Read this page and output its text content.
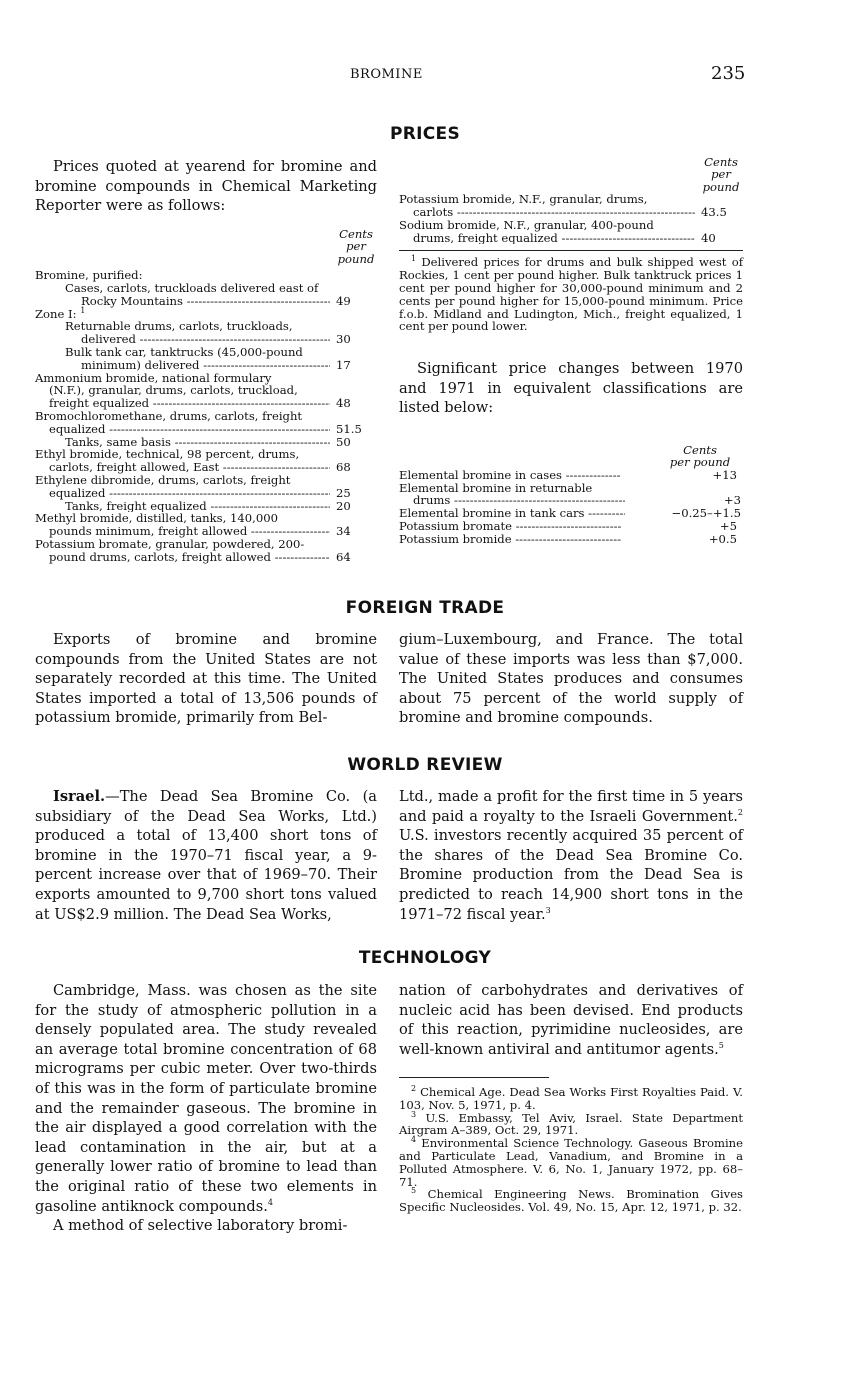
BROMINE	235
PRICES

Prices quoted at yearend for bromine and bromine compounds in Chemical Marketing Reporter were as follows:

Cents
per
pound
Bromine, purified:
Cases, carlots, truckloads delivered east of
Rocky Mountains -----	49
Zone I: $^1$
Returnable drums, carlots, truckloads,
delivered -----	30
Bulk tank car, tanktrucks (45,000-pound
minimum) delivered -----	17
Ammonium bromide, national formulary
(N.F.), granular, drums, carlots, truckload,
freight equalized -----	48
Bromochloromethane, drums, carlots, freight
equalized -----	51.5
Tanks, same basis -----	50
Ethyl bromide, technical, 98 percent, drums,
carlots, freight allowed, East -----	68
Ethylene dibromide, drums, carlots, freight
equalized -----	25
Tanks, freight equalized -----	20
Methyl bromide, distilled, tanks, 140,000
pounds minimum, freight allowed -----	34
Potassium bromate, granular, powdered, 200-
pound drums, carlots, freight allowed -----	64
Cents
per
pound
Potassium bromide, N.F., granular, drums,
carlots -----	43.5
Sodium bromide, N.F., granular, 400-pound
drums, freight equalized -----	40

$^1$ Delivered prices for drums and bulk shipped west of Rockies, 1 cent per pound higher. Bulk tanktruck prices 1 cent per pound higher for 30,000-pound minimum and 2 cents per pound higher for 15,000-pound minimum. Price f.o.b. Midland and Ludington, Mich., freight equalized, 1 cent per pound lower.

Significant price changes between 1970 and 1971 in equivalent classifications are listed below:

Cents
per pound
Elemental bromine in cases -----	+13
Elemental bromine in returnable
drums -----	+3
Elemental bromine in tank cars -----	−0.25–+1.5
Potassium bromate -----	+5
Potassium bromide -----	+0.5
FOREIGN TRADE

Exports of bromine and bromine compounds from the United States are not separately recorded at this time. The United States imported a total of 13,506 pounds of potassium bromide, primarily from Bel-

gium–Luxembourg, and France. The total value of these imports was less than $7,000. The United States produces and consumes about 75 percent of the world supply of bromine and bromine compounds.

WORLD REVIEW

Israel.—The Dead Sea Bromine Co. (a subsidiary of the Dead Sea Works, Ltd.) produced a total of 13,400 short tons of bromine in the 1970–71 fiscal year, a 9-percent increase over that of 1969–70. Their exports amounted to 9,700 short tons valued at US$2.9 million. The Dead Sea Works,

Ltd., made a profit for the first time in 5 years and paid a royalty to the Israeli Government.$^2$ U.S. investors recently acquired 35 percent of the shares of the Dead Sea Bromine Co. Bromine production from the Dead Sea is predicted to reach 14,900 short tons in the 1971–72 fiscal year.$^3$

TECHNOLOGY

Cambridge, Mass. was chosen as the site for the study of atmospheric pollution in a densely populated area. The study revealed an average total bromine concentration of 68 micrograms per cubic meter. Over two-thirds of this was in the form of particulate bromine and the remainder gaseous. The bromine in the air displayed a good correlation with the lead contamination in the air, but at a generally lower ratio of bromine to lead than the original ratio of these two elements in gasoline antiknock compounds.$^4$

A method of selective laboratory bromi-

nation of carbohydrates and derivatives of nucleic acid has been devised. End products of this reaction, pyrimidine nucleosides, are well-known antiviral and antitumor agents.$^5$

$^2$ Chemical Age. Dead Sea Works First Royalties Paid. V. 103, Nov. 5, 1971, p. 4.

$^3$ U.S. Embassy, Tel Aviv, Israel. State Department Airgram A–389, Oct. 29, 1971.

$^4$ Environmental Science Technology. Gaseous Bromine and Particulate Lead, Vanadium, and Bromine in a Polluted Atmosphere. V. 6, No. 1, January 1972, pp. 68–71.

$^5$ Chemical Engineering News. Bromination Gives Specific Nucleosides. Vol. 49, No. 15, Apr. 12, 1971, p. 32.
